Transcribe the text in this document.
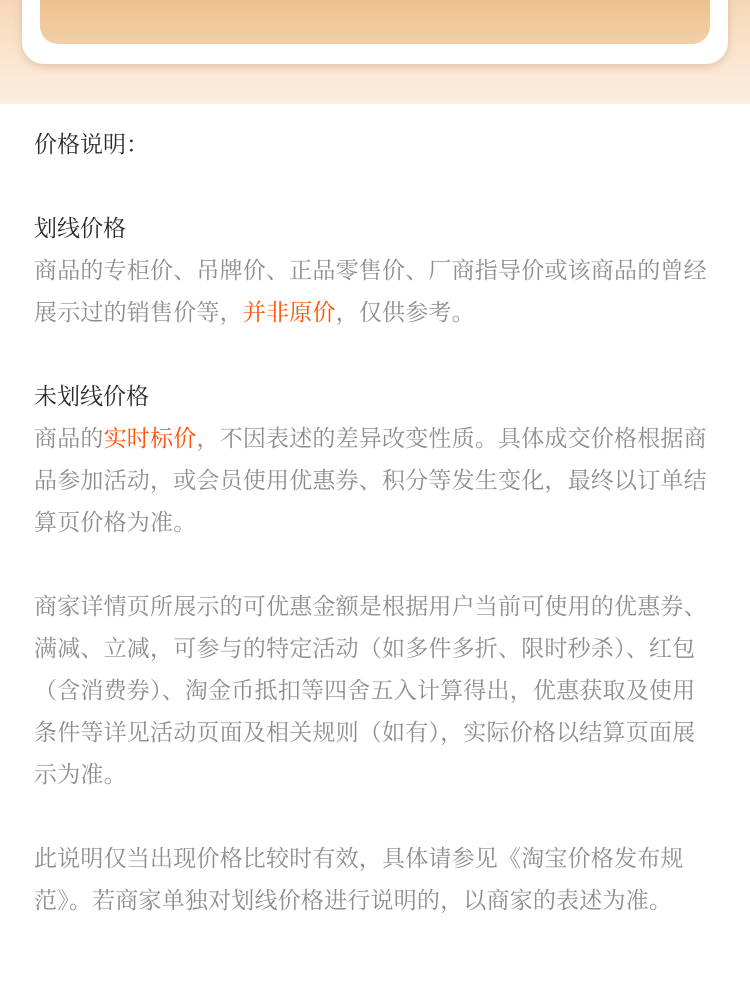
价格说明：
划线价格
商品的专柜价、吊牌价、正品零售价、厂商指导价或该商品的曾经展示过的销售价等，并非原价，仅供参考。
未划线价格
商品的实时标价，不因表述的差异改变性质。具体成交价格根据商品参加活动，或会员使用优惠券、积分等发生变化，最终以订单结算页价格为准。
商家详情页所展示的可优惠金额是根据用户当前可使用的优惠券、满减、立减，可参与的特定活动（如多件多折、限时秒杀）、红包（含消费券）、淘金币抵扣等四舍五入计算得出，优惠获取及使用条件等详见活动页面及相关规则（如有），实际价格以结算页面展示为准。
此说明仅当出现价格比较时有效，具体请参见《淘宝价格发布规范》。若商家单独对划线价格进行说明的，以商家的表述为准。
